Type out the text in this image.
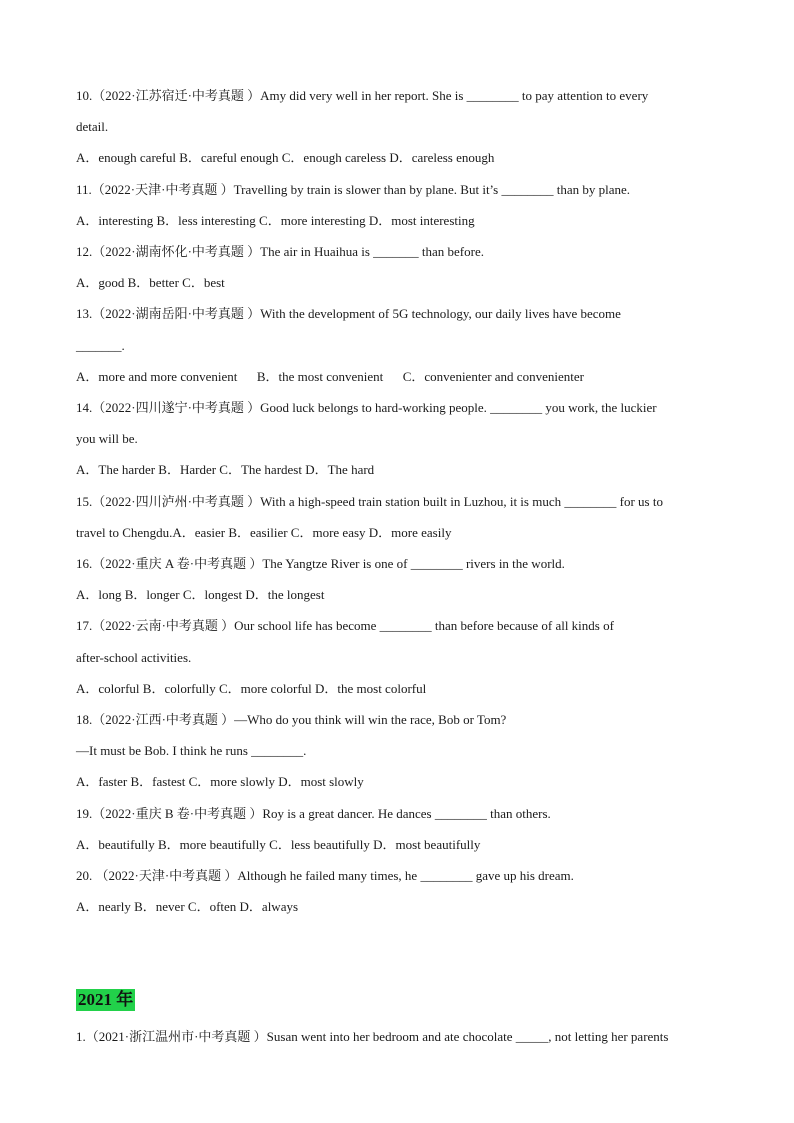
10.（2022·江苏宿迁·中考真题 ）Amy did very well in her report. She is ________ to pay attention to every
detail.
A．enough careful B．careful enough C．enough careless D．careless enough
11.（2022·天津·中考真题 ）Travelling by train is slower than by plane. But it’s ________ than by plane.
A．interesting B．less interesting C．more interesting D．most interesting
12.（2022·湖南怀化·中考真题 ）The air in Huaihua is _______ than before.
A．good B．better C．best
13.（2022·湖南岳阳·中考真题 ）With the development of 5G technology, our daily lives have become
_______.
A．more and more convenient      B．the most convenient      C．convenienter and convenienter
14.（2022·四川遂宁·中考真题 ）Good luck belongs to hard-working people. ________ you work, the luckier
you will be.
A．The harder B．Harder C．The hardest D．The hard
15.（2022·四川泸州·中考真题 ）With a high-speed train station built in Luzhou, it is much ________ for us to
travel to Chengdu.A．easier B．easilier C．more easy D．more easily
16.（2022·重庆 A 卷·中考真题 ）The Yangtze River is one of ________ rivers in the world.
A．long B．longer C．longest D．the longest
17.（2022·云南·中考真题 ）Our school life has become ________ than before because of all kinds of
after-school activities.
A．colorful B．colorfully C．more colorful D．the most colorful
18.（2022·江西·中考真题 ）—Who do you think will win the race, Bob or Tom?
—It must be Bob. I think he runs ________.
A．faster B．fastest C．more slowly D．most slowly
19.（2022·重庆 B 卷·中考真题 ）Roy is a great dancer. He dances ________ than others.
A．beautifully B．more beautifully C．less beautifully D．most beautifully
20. （2022·天津·中考真题 ）Although he failed many times, he ________ gave up his dream.
A．nearly B．never C．often D．always
2021 年
1.（2021·浙江温州市·中考真题 ）Susan went into her bedroom and ate chocolate _____, not letting her parents
